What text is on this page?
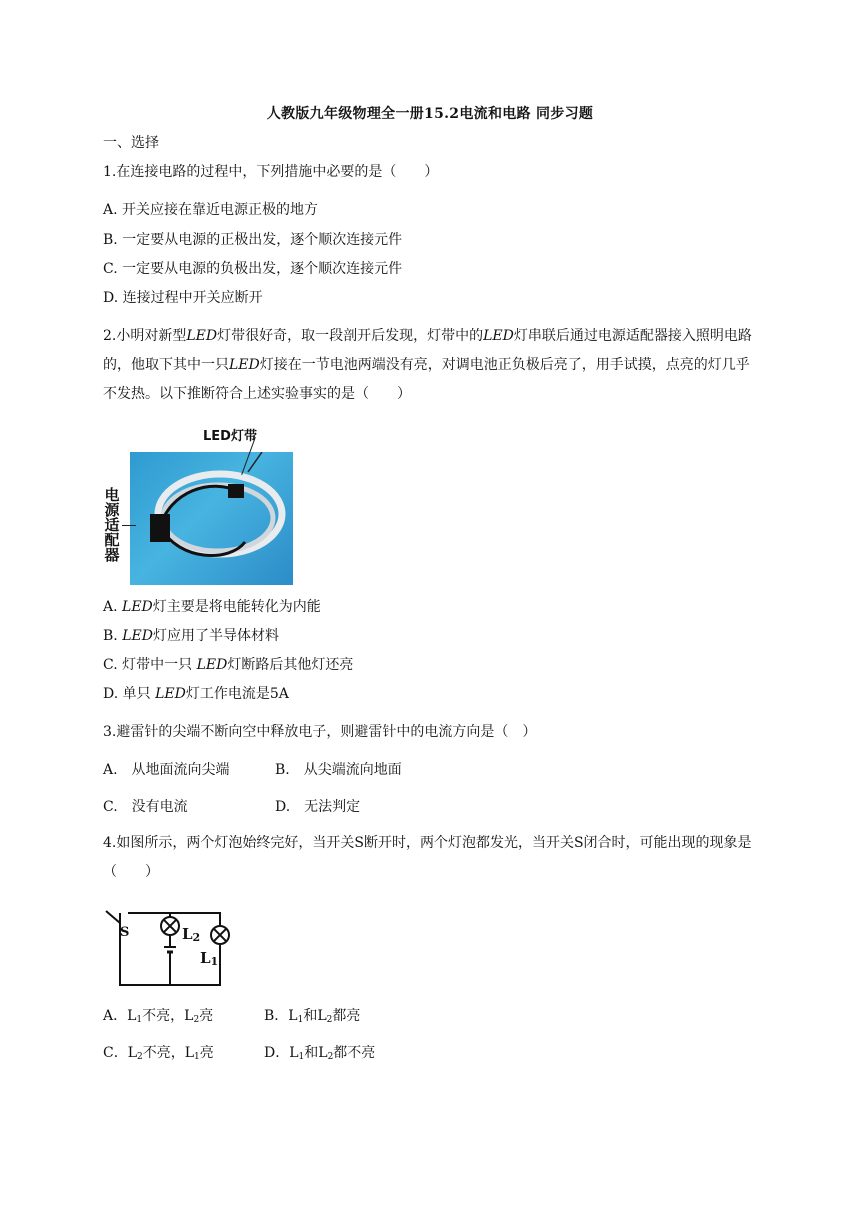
人教版九年级物理全一册15.2电流和电路 同步习题
一、选择
1.在连接电路的过程中，下列措施中必要的是（　　）
A. 开关应接在靠近电源正极的地方
B. 一定要从电源的正极出发，逐个顺次连接元件
C. 一定要从电源的负极出发，逐个顺次连接元件
D. 连接过程中开关应断开
2.小明对新型LED灯带很好奇，取一段剖开后发现，灯带中的LED灯串联后通过电源适配器接入照明电路的，他取下其中一只LED灯接在一节电池两端没有亮，对调电池正负极后亮了，用手试摸，点亮的灯几乎不发热。以下推断符合上述实验事实的是（　　）
LED灯带
电
源
适
配
器
A. LED灯主要是将电能转化为内能
B. LED灯应用了半导体材料
C. 灯带中一只 LED灯断路后其他灯还亮
D. 单只 LED灯工作电流是5A
3.避雷针的尖端不断向空中释放电子，则避雷针中的电流方向是（　）
A.　从地面流向尖端	B.　从尖端流向地面
C.　没有电流	D.　无法判定
4.如图所示，两个灯泡始终完好，当开关S断开时，两个灯泡都发光，当开关S闭合时，可能出现的现象是（　　）
S	$L_2$
$L_1$
A．$L_1$不亮，$L_2$亮	B．$L_1$和$L_2$都亮
C．$L_2$不亮，$L_1$亮	D．$L_1$和$L_2$都不亮
